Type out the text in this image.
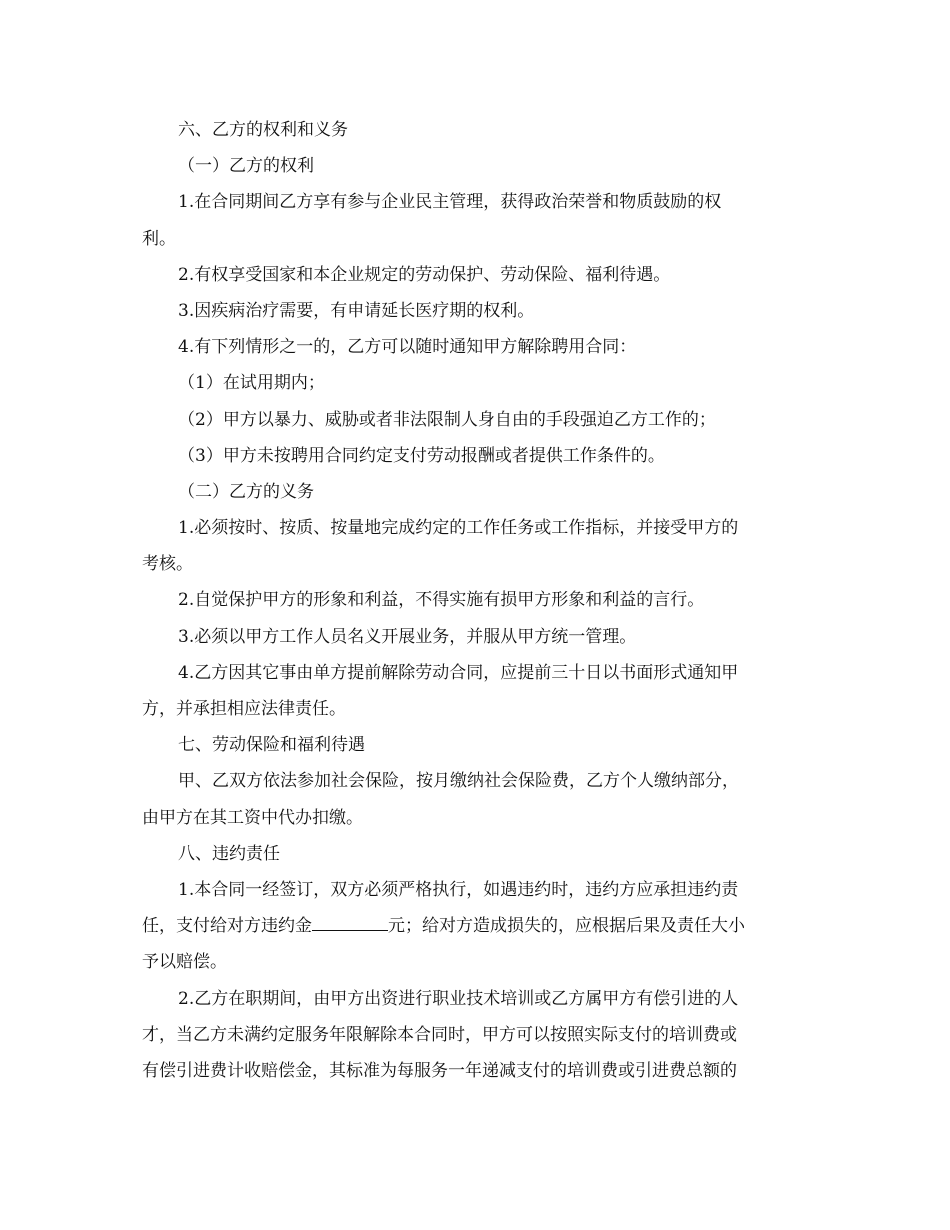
六、乙方的权利和义务
（一）乙方的权利
1.在合同期间乙方享有参与企业民主管理，获得政治荣誉和物质鼓励的权
利。
2.有权享受国家和本企业规定的劳动保护、劳动保险、福利待遇。
3.因疾病治疗需要，有申请延长医疗期的权利。
4.有下列情形之一的，乙方可以随时通知甲方解除聘用合同：
（1）在试用期内；
（2）甲方以暴力、威胁或者非法限制人身自由的手段强迫乙方工作的；
（3）甲方未按聘用合同约定支付劳动报酬或者提供工作条件的。
（二）乙方的义务
1.必须按时、按质、按量地完成约定的工作任务或工作指标，并接受甲方的
考核。
2.自觉保护甲方的形象和利益，不得实施有损甲方形象和利益的言行。
3.必须以甲方工作人员名义开展业务，并服从甲方统一管理。
4.乙方因其它事由单方提前解除劳动合同，应提前三十日以书面形式通知甲
方，并承担相应法律责任。
七、劳动保险和福利待遇
甲、乙双方依法参加社会保险，按月缴纳社会保险费，乙方个人缴纳部分，
由甲方在其工资中代办扣缴。
八、违约责任
1.本合同一经签订，双方必须严格执行，如遇违约时，违约方应承担违约责
任，支付给对方违约金	元；给对方造成损失的，应根据后果及责任大小
予以赔偿。
2.乙方在职期间，由甲方出资进行职业技术培训或乙方属甲方有偿引进的人
才，当乙方未满约定服务年限解除本合同时，甲方可以按照实际支付的培训费或
有偿引进费计收赔偿金，其标准为每服务一年递减支付的培训费或引进费总额的
